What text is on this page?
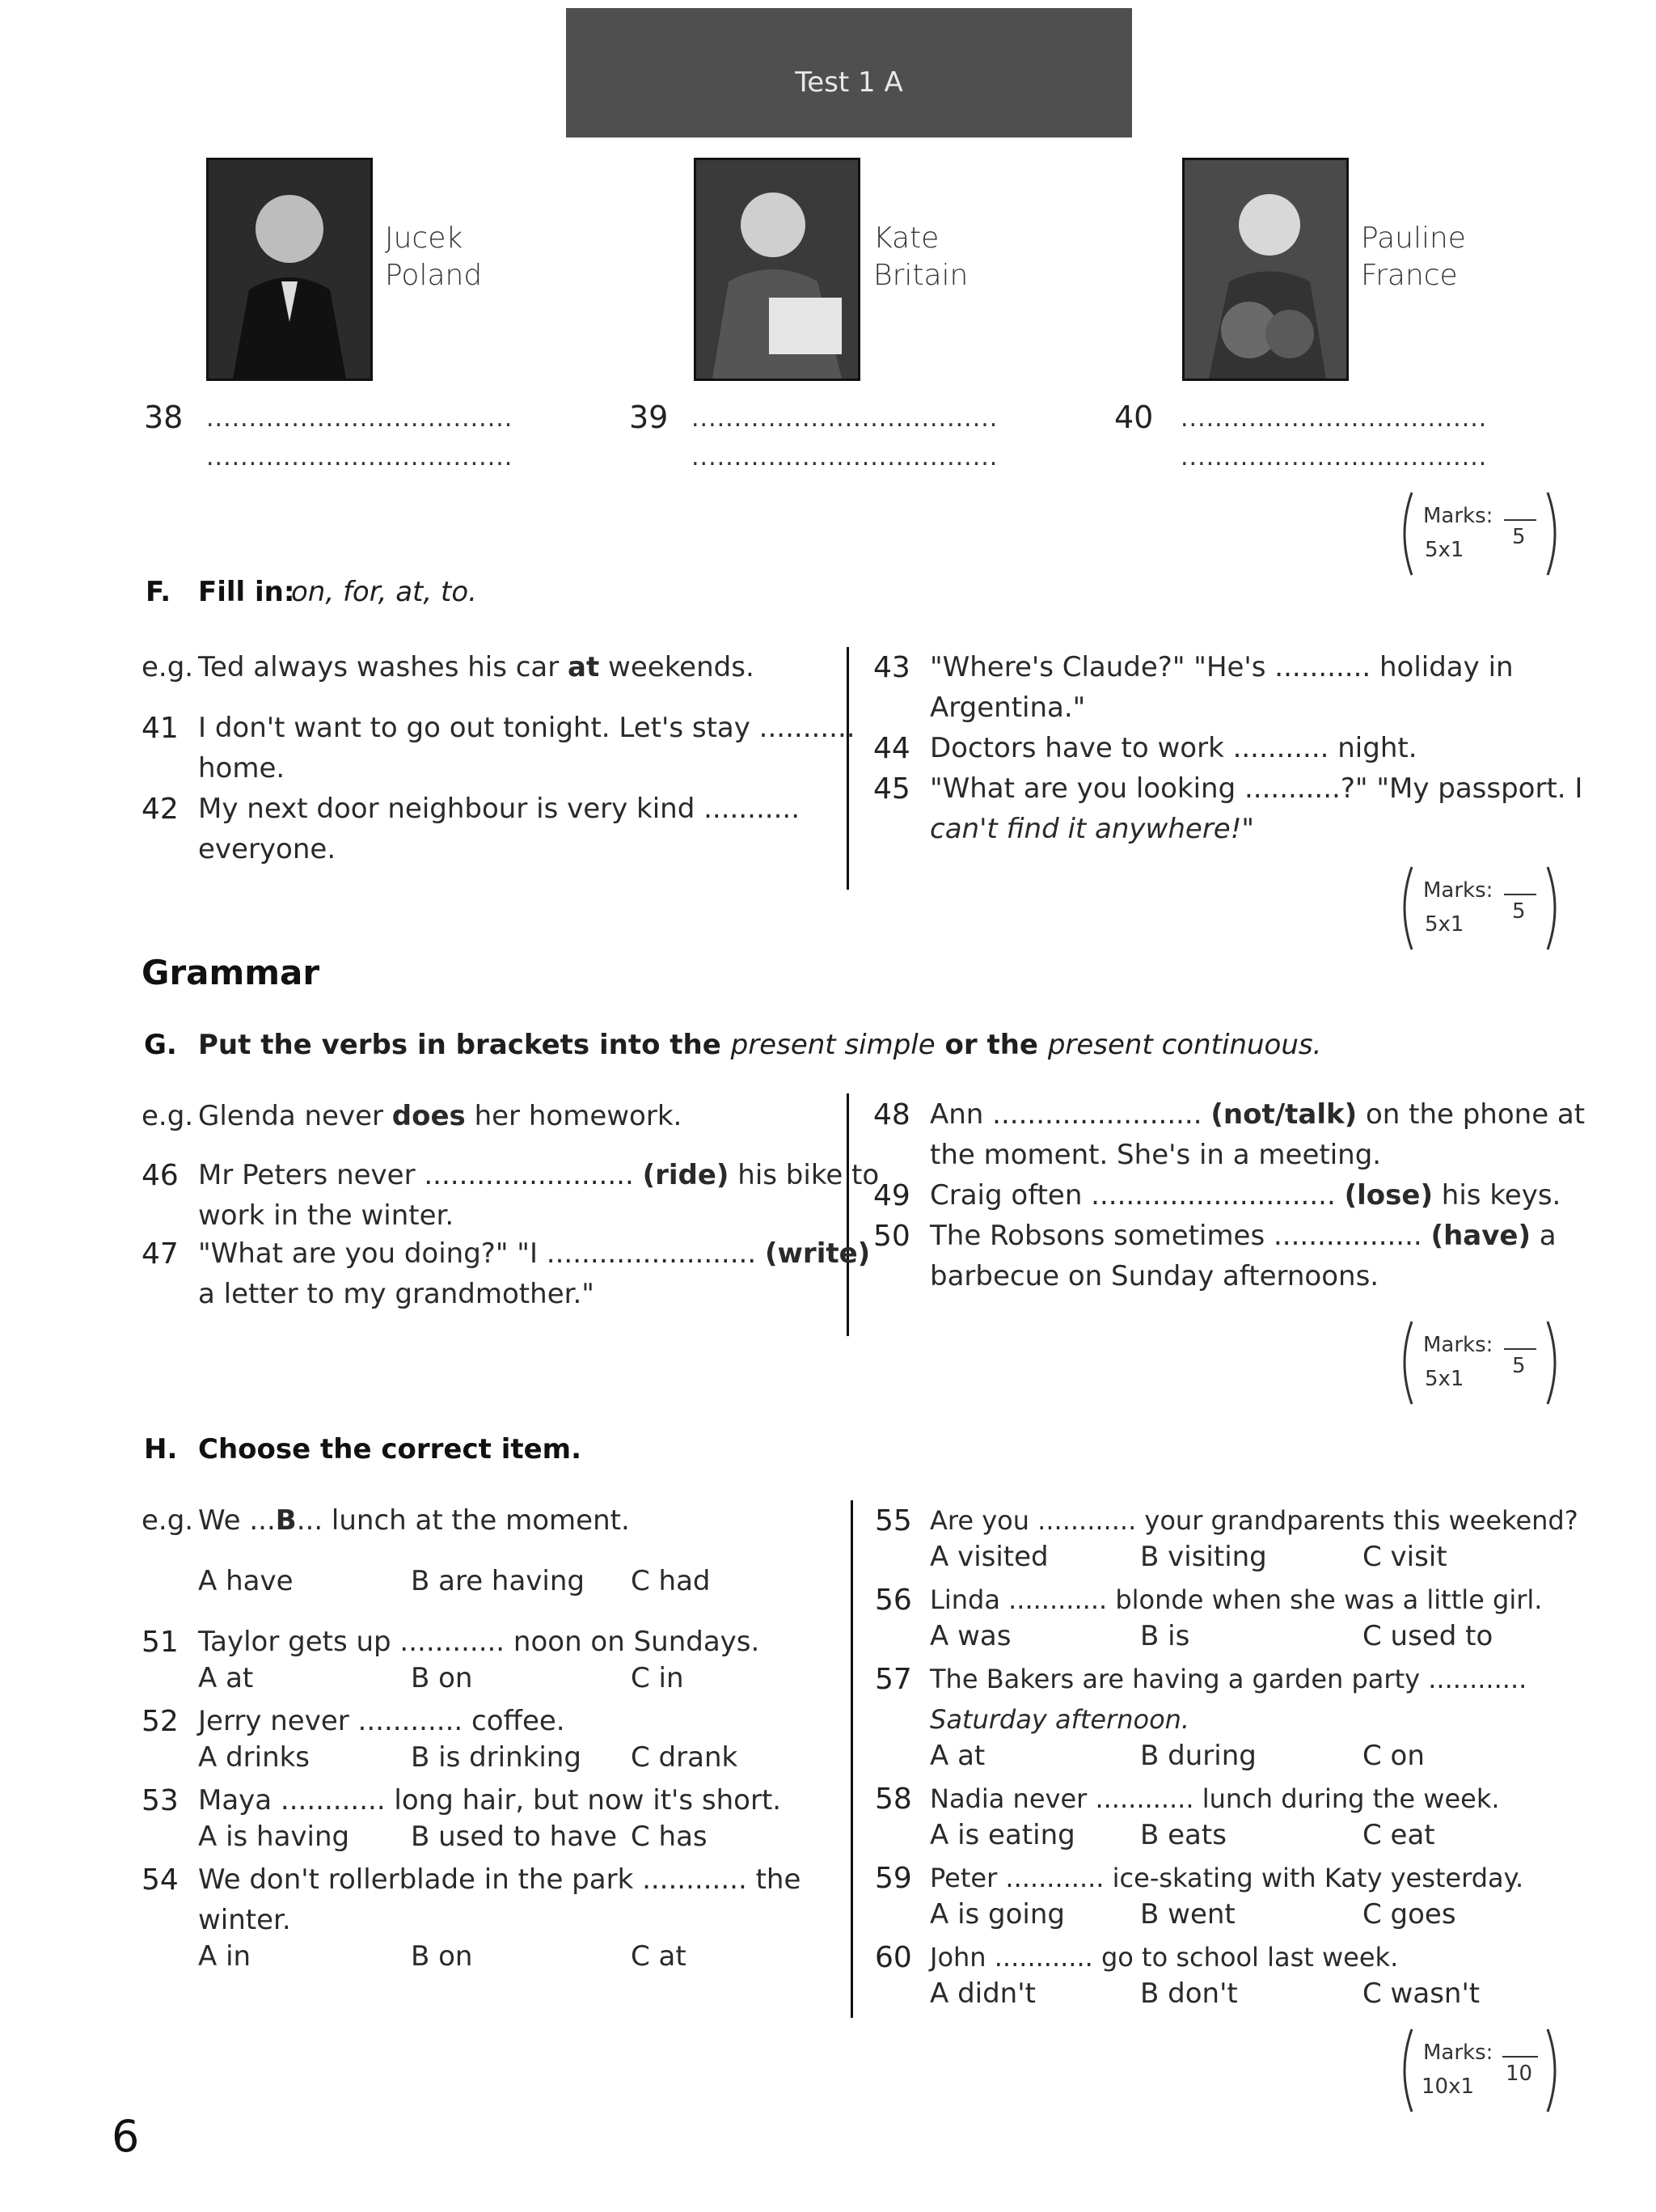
Test 1 A
Jucek
Poland
Kate
Britain
Pauline
France
38 ....................................
....................................
39 ....................................
....................................
40 ....................................
....................................
Marks:
5x1
5
F. Fill in:
on, for, at, to.
e.g. Ted always washes his car at weekends.
41 I don't want to go out tonight. Let's stay ...........
home.
42 My next door neighbour is very kind ...........
everyone.
43 "Where's Claude?" "He's ........... holiday in
Argentina."
44 Doctors have to work ........... night.
45 "What are you looking ...........?" "My passport. I
can't find it anywhere!"
Marks:
5x1
5
Grammar
G. Put the verbs in brackets into the present simple or the present continuous.
e.g. Glenda never does her homework.
46 Mr Peters never ........................ (ride) his bike to
work in the winter.
47 "What are you doing?" "I ........................ (write)
a letter to my grandmother."
48 Ann ........................ (not/talk) on the phone at
the moment. She's in a meeting.
49 Craig often ............................ (lose) his keys.
50 The Robsons sometimes ................. (have) a
barbecue on Sunday afternoons.
Marks:
5x1
5
H. Choose the correct item.
e.g. We ...B... lunch at the moment.
A have	B are having C had
51 Taylor gets up ............ noon on Sundays.
A at	B on	C in
52 Jerry never ............ coffee.
A drinks	B is drinking C drank
53 Maya ............ long hair, but now it's short.
A is having B used to have C has
54 We don't rollerblade in the park ............ the
winter.
A in	B on	C at
55 Are you ............ your grandparents this weekend?
A visited	B visiting	C visit
56 Linda ............ blonde when she was a little girl.
A was	B is	C used to
57 The Bakers are having a garden party ............
Saturday afternoon.
A at	B during	C on
58 Nadia never ............ lunch during the week.
A is eating B eats	C eat
59 Peter ............ ice-skating with Katy yesterday.
A is going	B went	C goes
60 John ............ go to school last week.
A didn't	B don't	C wasn't
Marks:
10x1
10
6
